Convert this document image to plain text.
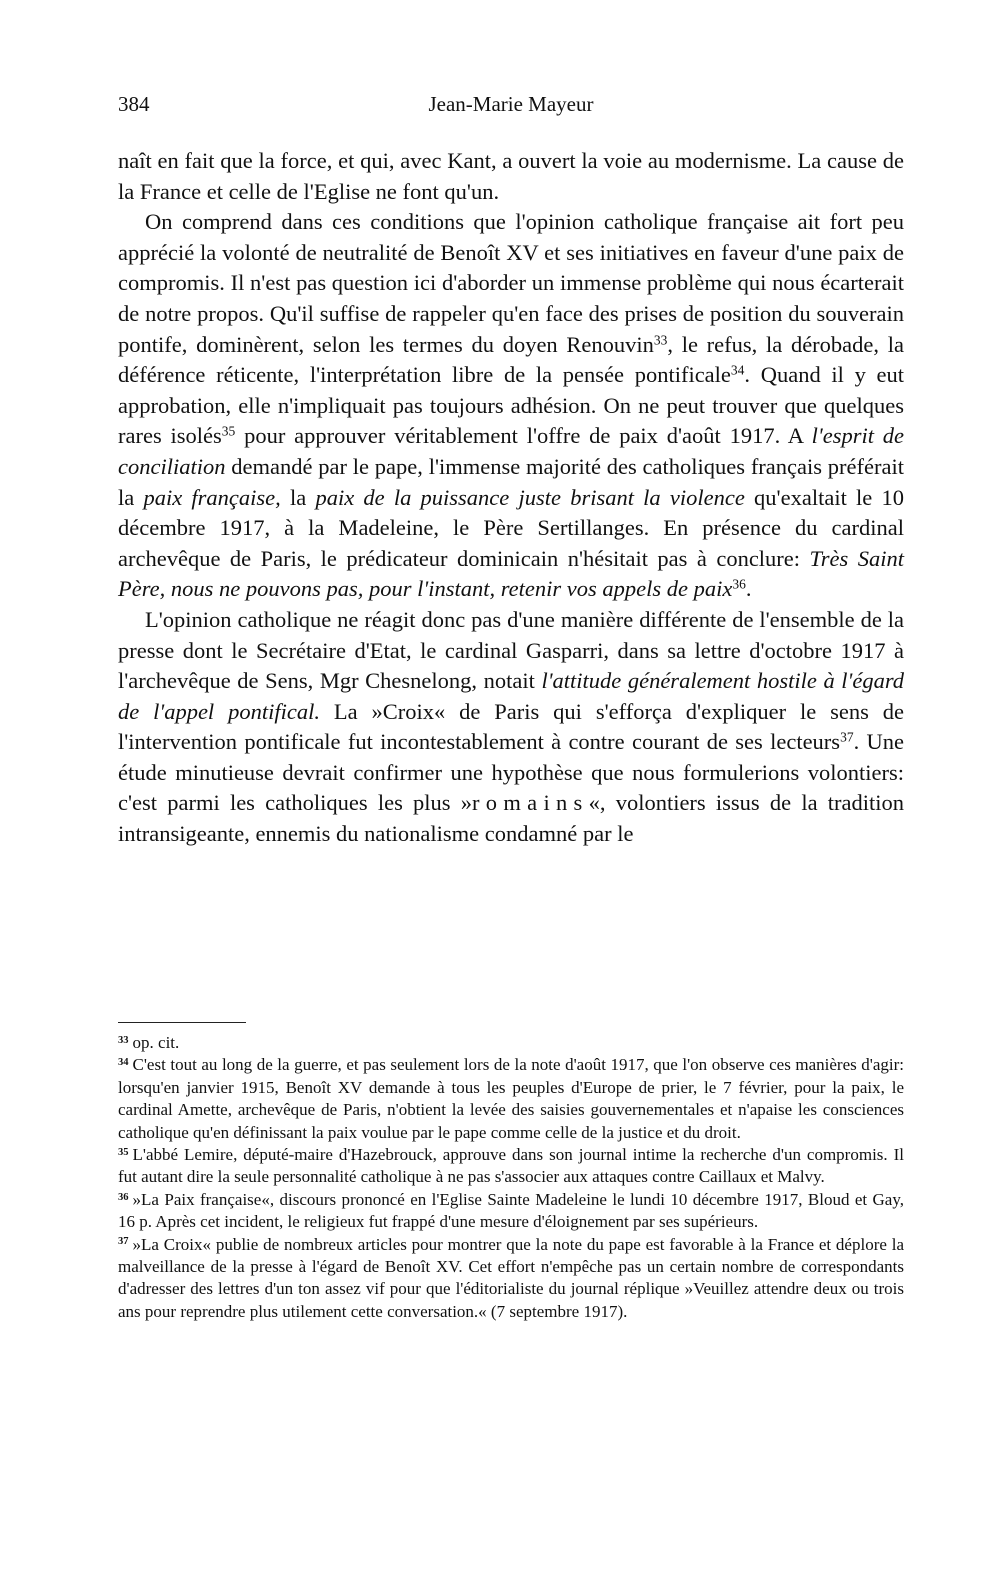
384	Jean-Marie Mayeur

naît en fait que la force, et qui, avec Kant, a ouvert la voie au modernisme. La cause de la France et celle de l'Eglise ne font qu'un.

On comprend dans ces conditions que l'opinion catholique française ait fort peu apprécié la volonté de neutralité de Benoît XV et ses initiatives en faveur d'une paix de compromis. Il n'est pas question ici d'aborder un immense problème qui nous écarterait de notre propos. Qu'il suffise de rappeler qu'en face des prises de position du souverain pontife, dominèrent, selon les termes du doyen Renouvin$^{33}$, le refus, la dérobade, la déférence réticente, l'interprétation libre de la pensée pontificale$^{34}$. Quand il y eut approbation, elle n'impliquait pas toujours adhésion. On ne peut trouver que quelques rares isolés$^{35}$ pour approuver véritablement l'offre de paix d'août 1917. A l'esprit de conciliation demandé par le pape, l'immense majorité des catholiques français préférait la paix française, la paix de la puissance juste brisant la violence qu'exaltait le 10 décembre 1917, à la Madeleine, le Père Sertillanges. En présence du cardinal archevêque de Paris, le prédicateur dominicain n'hésitait pas à conclure: Très Saint Père, nous ne pouvons pas, pour l'instant, retenir vos appels de paix$^{36}$.

L'opinion catholique ne réagit donc pas d'une manière différente de l'ensemble de la presse dont le Secrétaire d'Etat, le cardinal Gasparri, dans sa lettre d'octobre 1917 à l'archevêque de Sens, Mgr Chesnelong, notait l'attitude généralement hostile à l'égard de l'appel pontifical. La »Croix« de Paris qui s'efforça d'expliquer le sens de l'intervention pontificale fut incontestablement à contre courant de ses lecteurs$^{37}$. Une étude minutieuse devrait confirmer une hypothèse que nous formulerions volontiers: c'est parmi les catholiques les plus »romains«, volontiers issus de la tradition intransigeante, ennemis du nationalisme condamné par le

$^{33}$ op. cit.

$^{34}$ C'est tout au long de la guerre, et pas seulement lors de la note d'août 1917, que l'on observe ces manières d'agir: lorsqu'en janvier 1915, Benoît XV demande à tous les peuples d'Europe de prier, le 7 février, pour la paix, le cardinal Amette, archevêque de Paris, n'obtient la levée des saisies gouvernementales et n'apaise les consciences catholique qu'en définissant la paix voulue par le pape comme celle de la justice et du droit.

$^{35}$ L'abbé Lemire, député-maire d'Hazebrouck, approuve dans son journal intime la recherche d'un compromis. Il fut autant dire la seule personnalité catholique à ne pas s'associer aux attaques contre Caillaux et Malvy.

$^{36}$ »La Paix française«, discours prononcé en l'Eglise Sainte Madeleine le lundi 10 décembre 1917, Bloud et Gay, 16 p. Après cet incident, le religieux fut frappé d'une mesure d'éloignement par ses supérieurs.

$^{37}$ »La Croix« publie de nombreux articles pour montrer que la note du pape est favorable à la France et déplore la malveillance de la presse à l'égard de Benoît XV. Cet effort n'empêche pas un certain nombre de correspondants d'adresser des lettres d'un ton assez vif pour que l'éditorialiste du journal réplique »Veuillez attendre deux ou trois ans pour reprendre plus utilement cette conversation.« (7 septembre 1917).
